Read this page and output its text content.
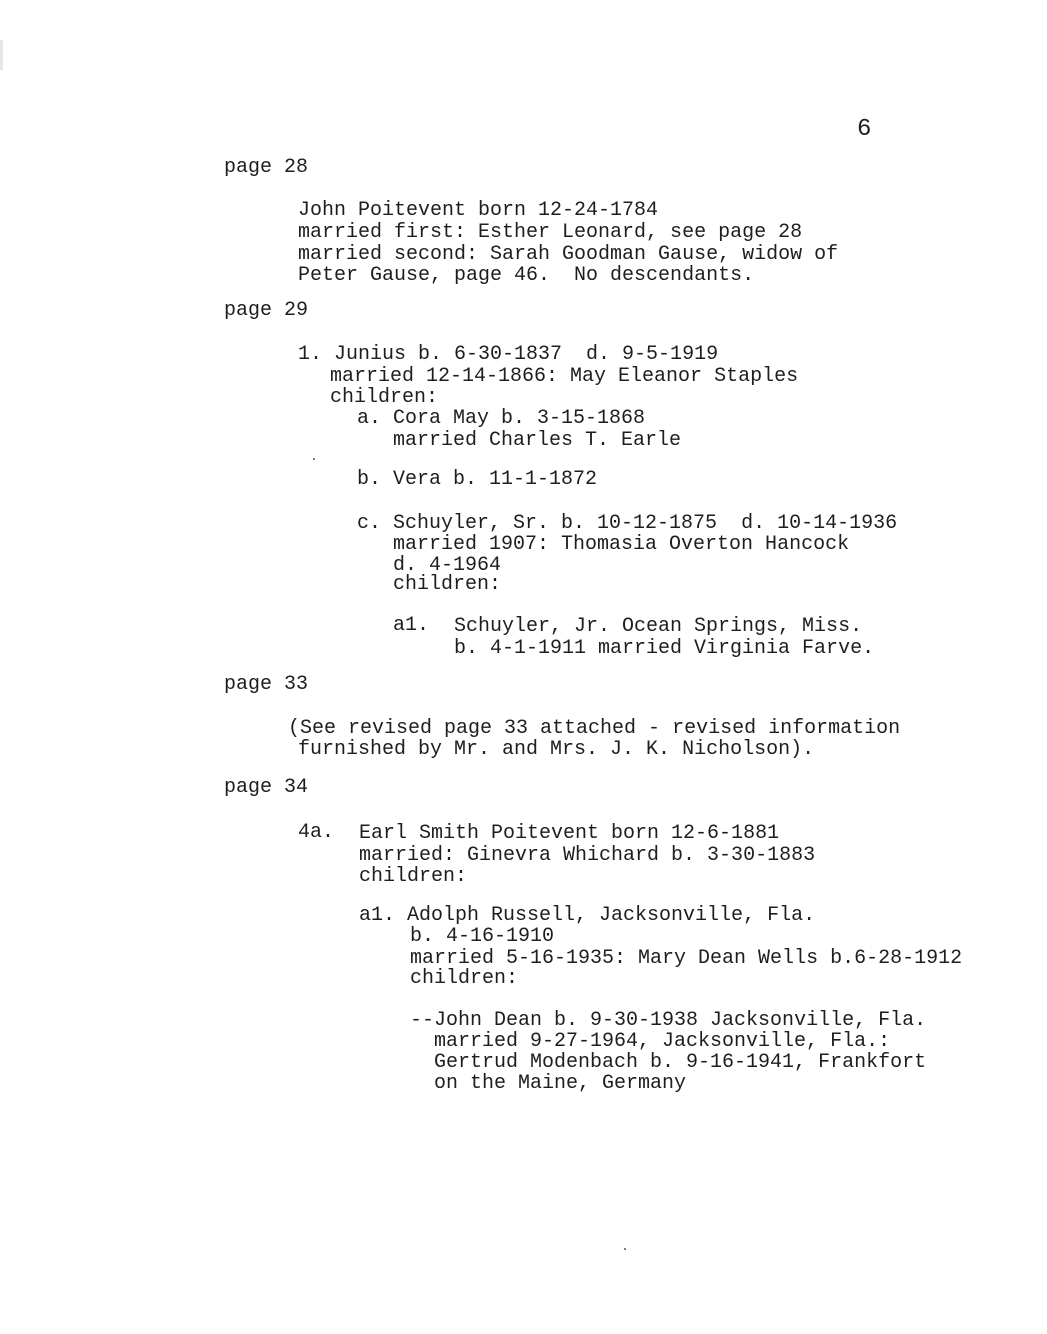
6
page 28
John Poitevent born 12-24-1784
married first: Esther Leonard, see page 28
married second: Sarah Goodman Gause, widow of
Peter Gause, page 46.  No descendants.
page 29
1. Junius b. 6-30-1837  d. 9-5-1919
married 12-14-1866: May Eleanor Staples
children:
a. Cora May b. 3-15-1868
married Charles T. Earle
b. Vera b. 11-1-1872
c. Schuyler, Sr. b. 10-12-1875  d. 10-14-1936
married 1907: Thomasia Overton Hancock
d. 4-1964
children:
a1. Schuyler, Jr. Ocean Springs, Miss.
b. 4-1-1911 married Virginia Farve.
page 33
(See revised page 33 attached - revised information
furnished by Mr. and Mrs. J. K. Nicholson).
page 34
4a. Earl Smith Poitevent born 12-6-1881
married: Ginevra Whichard b. 3-30-1883
children:
a1. Adolph Russell, Jacksonville, Fla.
b. 4-16-1910
married 5-16-1935: Mary Dean Wells b.6-28-1912
children:
--John Dean b. 9-30-1938 Jacksonville, Fla.
married 9-27-1964, Jacksonville, Fla.:
Gertrud Modenbach b. 9-16-1941, Frankfort
on the Maine, Germany
